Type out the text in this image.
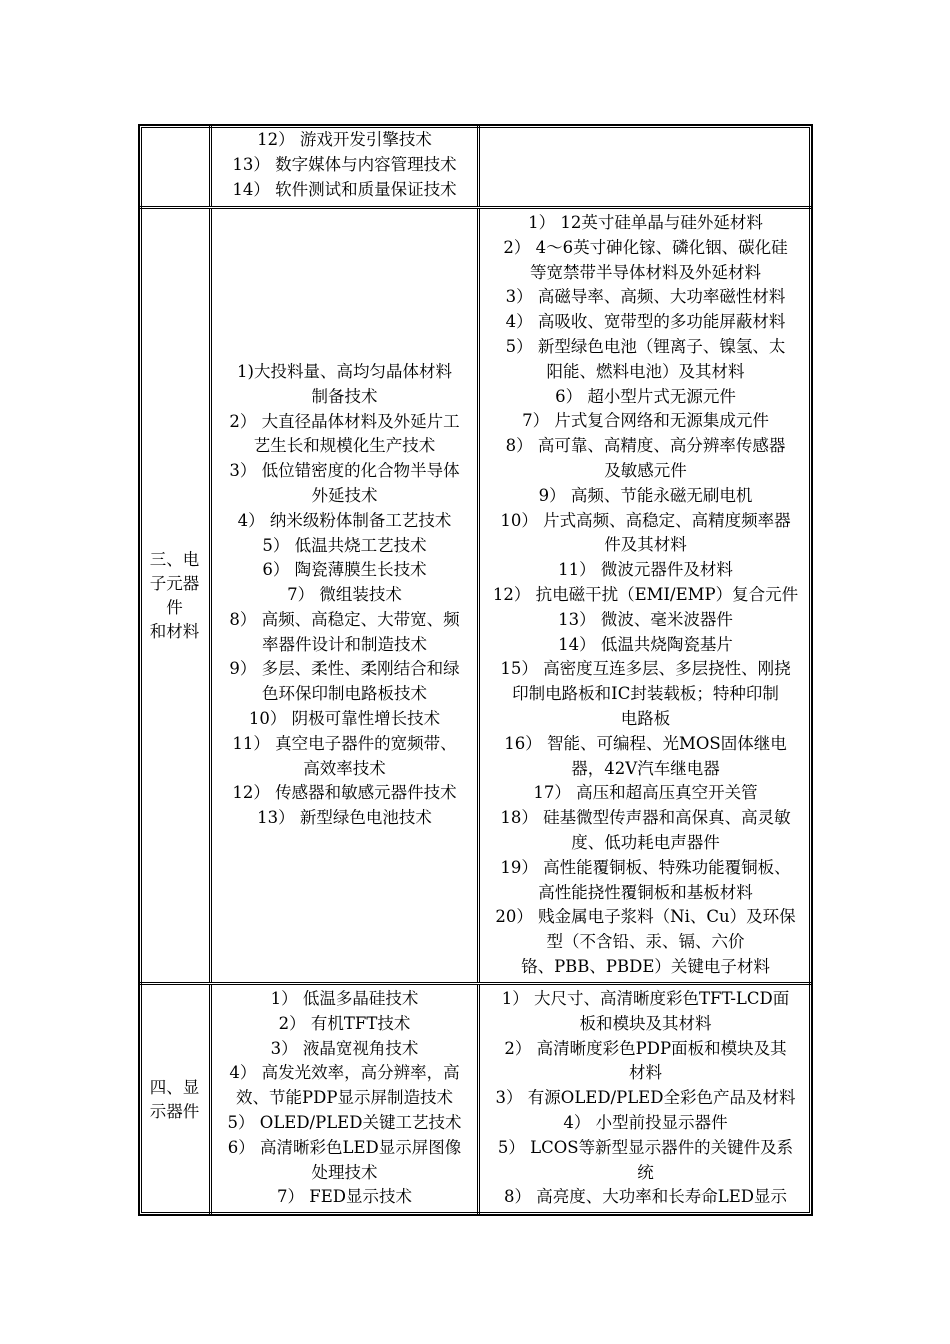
12） 游戏开发引擎技术
13） 数字媒体与内容管理技术
14） 软件测试和质量保证技术
三、电
子元器
件
和材料
1)大投料量、高均匀晶体材料
制备技术
2） 大直径晶体材料及外延片工
艺生长和规模化生产技术
3） 低位错密度的化合物半导体
外延技术
4） 纳米级粉体制备工艺技术
5） 低温共烧工艺技术
6） 陶瓷薄膜生长技术
7） 微组装技术
8） 高频、高稳定、大带宽、频
率器件设计和制造技术
9） 多层、柔性、柔刚结合和绿
色环保印制电路板技术
10） 阴极可靠性增长技术
11） 真空电子器件的宽频带、
高效率技术
12） 传感器和敏感元器件技术
13） 新型绿色电池技术
1） 12英寸硅单晶与硅外延材料
2） 4～6英寸砷化镓、磷化铟、碳化硅
等宽禁带半导体材料及外延材料
3） 高磁导率、高频、大功率磁性材料
4） 高吸收、宽带型的多功能屏蔽材料
5） 新型绿色电池（锂离子、镍氢、太
阳能、燃料电池）及其材料
6） 超小型片式无源元件
7） 片式复合网络和无源集成元件
8） 高可靠、高精度、高分辨率传感器
及敏感元件
9） 高频、节能永磁无刷电机
10） 片式高频、高稳定、高精度频率器
件及其材料
11） 微波元器件及材料
12） 抗电磁干扰（EMI/EMP）复合元件
13） 微波、毫米波器件
14） 低温共烧陶瓷基片
15） 高密度互连多层、多层挠性、刚挠
印制电路板和IC封装载板；特种印制
电路板
16） 智能、可编程、光MOS固体继电
器，42V汽车继电器
17） 高压和超高压真空开关管
18） 硅基微型传声器和高保真、高灵敏
度、低功耗电声器件
19） 高性能覆铜板、特殊功能覆铜板、
高性能挠性覆铜板和基板材料
20） 贱金属电子浆料（Ni、Cu）及环保
型（不含铅、汞、镉、六价
铬、PBB、PBDE）关键电子材料
四、显
示器件
1） 低温多晶硅技术
2） 有机TFT技术
3） 液晶宽视角技术
4） 高发光效率，高分辨率，高
效、节能PDP显示屏制造技术
5） OLED/PLED关键工艺技术
6） 高清晰彩色LED显示屏图像
处理技术
7） FED显示技术
1） 大尺寸、高清晰度彩色TFT-LCD面
板和模块及其材料
2） 高清晰度彩色PDP面板和模块及其
材料
3） 有源OLED/PLED全彩色产品及材料
4） 小型前投显示器件
5） LCOS等新型显示器件的关键件及系
统
8） 高亮度、大功率和长寿命LED显示
